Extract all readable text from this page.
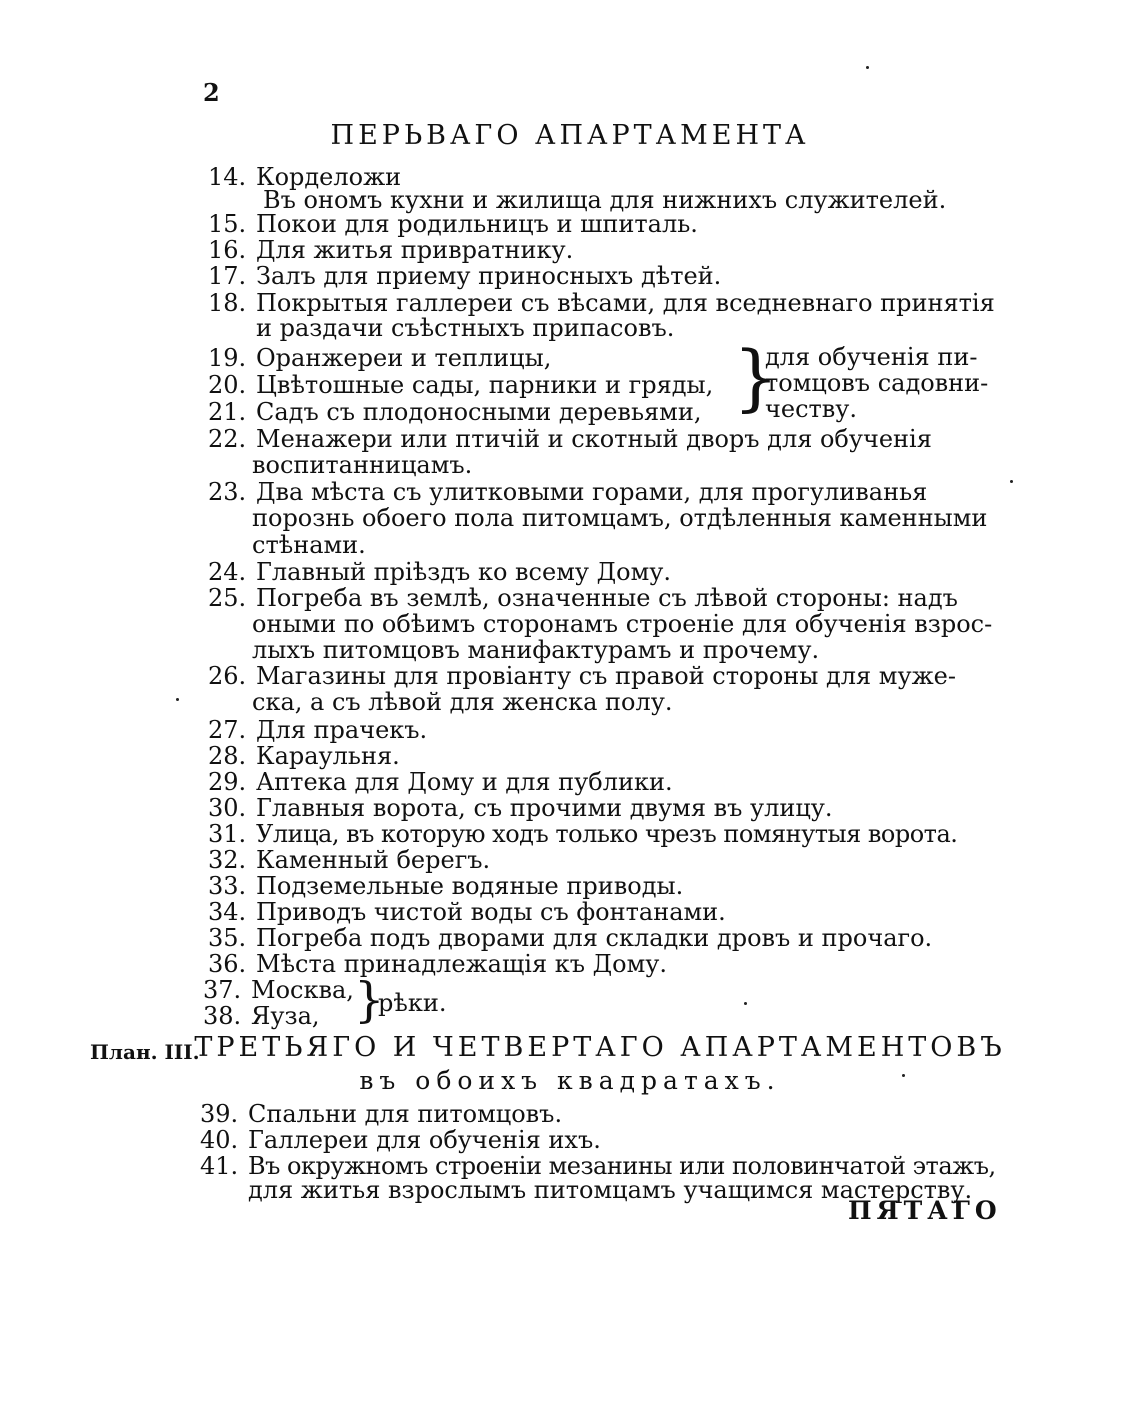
2
ПЕРЬВАГО АПАРТАМЕНТА
14. Корделожи
Въ ономъ кухни и жилища для нижнихъ служителей.
15. Покои для родильницъ и шпиталь.
16. Для житья привратнику.
17. Залъ для приему приносныхъ дѣтей.
18. Покрытыя галлереи съ вѣсами, для вседневнаго принятія
и раздачи съѣстныхъ припасовъ.
19. Оранжереи и теплицы,
20. Цвѣтошные сады, парники и гряды,
21. Садъ съ плодоносными деревьями, }
для обученія пи-
томцовъ садовни-
честву.
22. Менажери или птичій и скотный дворъ для обученія
воспитанницамъ.
23. Два мѣста съ улитковыми горами, для прогуливанья
порознь обоего пола питомцамъ, отдѣленныя каменными
стѣнами.
24. Главный пріѣздъ ко всему Дому.
25. Погреба въ землѣ, означенные съ лѣвой стороны: надъ
оными по обѣимъ сторонамъ строеніе для обученія взрос-
лыхъ питомцовъ манифактурамъ и прочему.
26. Магазины для провіанту съ правой стороны для муже-
ска, а съ лѣвой для женска полу.
27. Для прачекъ.
28. Караульня.
29. Аптека для Дому и для публики.
30. Главныя ворота, съ прочими двумя въ улицу.
31. Улица, въ которую ходъ только чрезъ помянутыя ворота.
32. Каменный берегъ.
33. Подземельные водяные приводы.
34. Приводъ чистой воды съ фонтанами.
35. Погреба подъ дворами для складки дровъ и прочаго.
36. Мѣста принадлежащія къ Дому.
37. Москва,
38. Яуза, }
рѣки.
План. III.
ТРЕТЬЯГО И ЧЕТВЕРТАГО АПАРТАМЕНТОВЪ
въ обоихъ квадратахъ.
39. Спальни для питомцовъ.
40. Галлереи для обученія ихъ.
41. Въ окружномъ строеніи мезанины или половинчатой этажъ,
для житья взрослымъ питомцамъ учащимся мастерству.
ПЯТАГО
